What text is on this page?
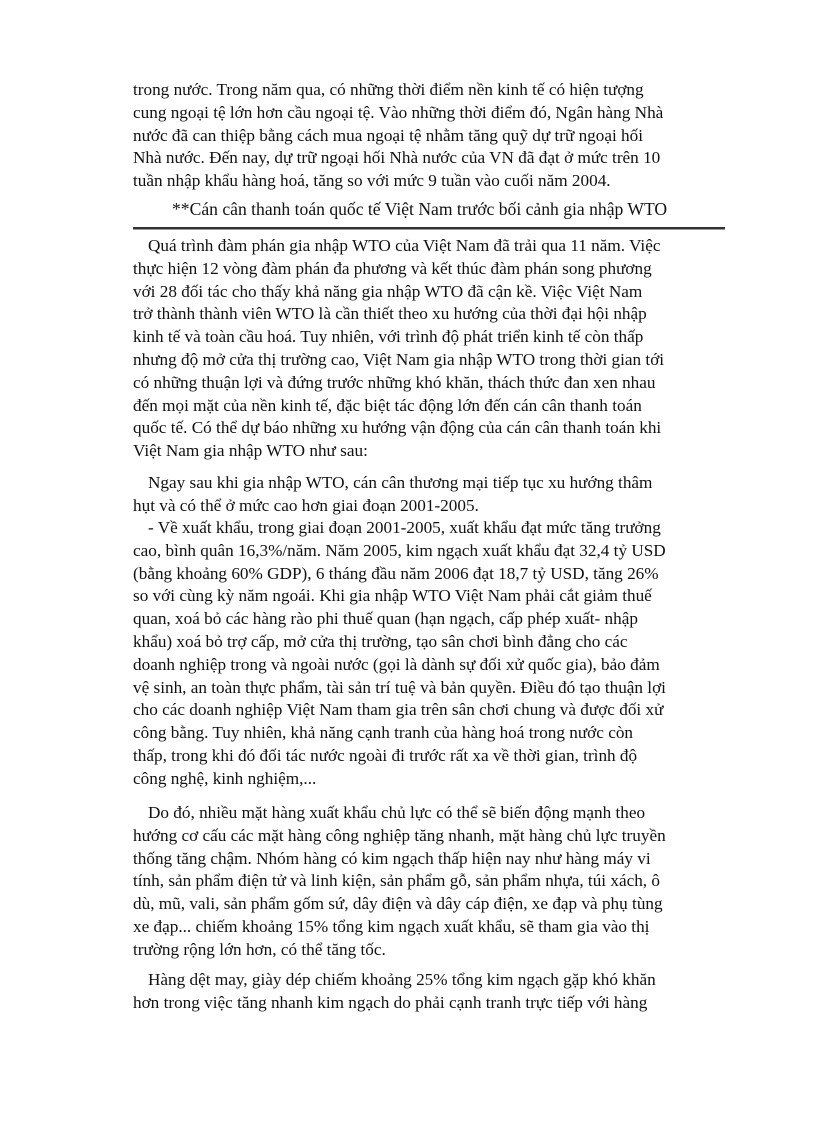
trong nước. Trong năm qua, có những thời điểm nền kinh tế có hiện tượng
cung ngoại tệ lớn hơn cầu ngoại tệ. Vào những thời điểm đó, Ngân hàng Nhà
nước đã can thiệp bằng cách mua ngoại tệ nhằm tăng quỹ dự trữ ngoại hối
Nhà nước. Đến nay, dự trữ ngoại hối Nhà nước của VN đã đạt ở mức trên 10
tuần nhập khẩu hàng hoá, tăng so với mức 9 tuần vào cuối năm 2004.
**Cán cân thanh toán quốc tế Việt Nam trước bối cảnh gia nhập WTO
Quá trình đàm phán gia nhập WTO của Việt Nam đã trải qua 11 năm. Việc
thực hiện 12 vòng đàm phán đa phương và kết thúc đàm phán song phương
với 28 đối tác cho thấy khả năng gia nhập WTO đã cận kề. Việc Việt Nam
trở thành thành viên WTO là cần thiết theo xu hướng của thời đại hội nhập
kinh tế và toàn cầu hoá. Tuy nhiên, với trình độ phát triển kinh tế còn thấp
nhưng độ mở cửa thị trường cao, Việt Nam gia nhập WTO trong thời gian tới
có những thuận lợi và đứng trước những khó khăn, thách thức đan xen nhau
đến mọi mặt của nền kinh tế, đặc biệt tác động lớn đến cán cân thanh toán
quốc tế. Có thể dự báo những xu hướng vận động của cán cân thanh toán khi
Việt Nam gia nhập WTO như sau:
Ngay sau khi gia nhập WTO, cán cân thương mại tiếp tục xu hướng thâm
hụt và có thể ở mức cao hơn giai đoạn 2001-2005.
- Về xuất khẩu, trong giai đoạn 2001-2005, xuất khẩu đạt mức tăng trưởng
cao, bình quân 16,3%/năm. Năm 2005, kim ngạch xuất khẩu đạt 32,4 tỷ USD
(bằng khoảng 60% GDP), 6 tháng đầu năm 2006 đạt 18,7 tỷ USD, tăng 26%
so với cùng kỳ năm ngoái. Khi gia nhập WTO Việt Nam phải cắt giảm thuế
quan, xoá bỏ các hàng rào phi thuế quan (hạn ngạch, cấp phép xuất- nhập
khẩu) xoá bỏ trợ cấp, mở cửa thị trường, tạo sân chơi bình đẳng cho các
doanh nghiệp trong và ngoài nước (gọi là dành sự đối xử quốc gia), bảo đảm
vệ sinh, an toàn thực phẩm, tài sản trí tuệ và bản quyền. Điều đó tạo thuận lợi
cho các doanh nghiệp Việt Nam tham gia trên sân chơi chung và được đối xử
công bằng. Tuy nhiên, khả năng cạnh tranh của hàng hoá trong nước còn
thấp, trong khi đó đối tác nước ngoài đi trước rất xa về thời gian, trình độ
công nghệ, kinh nghiệm,...
Do đó, nhiều mặt hàng xuất khẩu chủ lực có thể sẽ biến động mạnh theo
hướng cơ cấu các mặt hàng công nghiệp tăng nhanh, mặt hàng chủ lực truyền
thống tăng chậm. Nhóm hàng có kim ngạch thấp hiện nay như hàng máy vi
tính, sản phẩm điện tử và linh kiện, sản phẩm gỗ, sản phẩm nhựa, túi xách, ô
dù, mũ, vali, sản phẩm gốm sứ, dây điện và dây cáp điện, xe đạp và phụ tùng
xe đạp... chiếm khoảng 15% tổng kim ngạch xuất khẩu, sẽ tham gia vào thị
trường rộng lớn hơn, có thể tăng tốc.
Hàng dệt may, giày dép chiếm khoảng 25% tổng kim ngạch gặp khó khăn
hơn trong việc tăng nhanh kim ngạch do phải cạnh tranh trực tiếp với hàng
